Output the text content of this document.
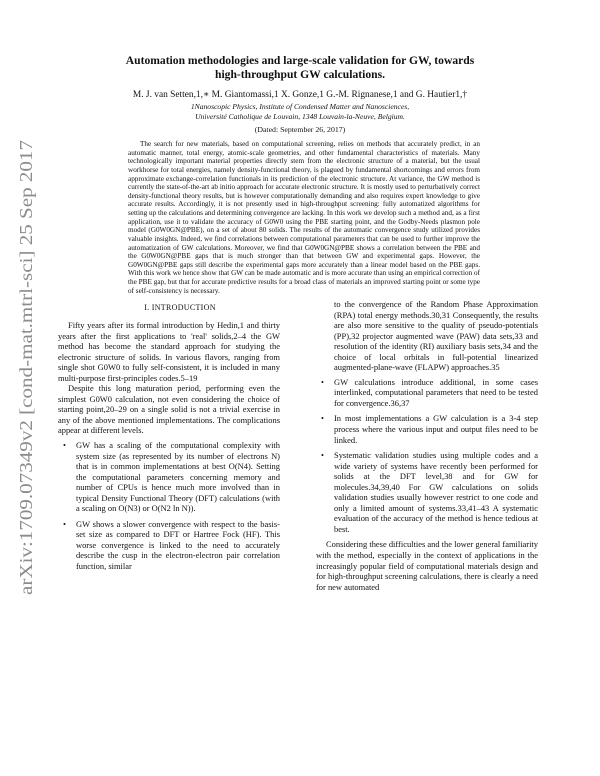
arXiv:1709.07349v2 [cond-mat.mtrl-sci] 25 Sep 2017
Automation methodologies and large-scale validation for GW, towards
high-throughput GW calculations.
M. J. van Setten,1,∗ M. Giantomassi,1 X. Gonze,1 G.-M. Rignanese,1 and G. Hautier1,†
1Nanoscopic Physics, Institute of Condensed Matter and Nanosciences,
Université Catholique de Louvain, 1348 Louvain-la-Neuve, Belgium.
(Dated: September 26, 2017)

The search for new materials, based on computational screening, relies on methods that accurately predict, in an automatic manner, total energy, atomic-scale geometries, and other fundamental characteristics of materials. Many technologically important material properties directly stem from the electronic structure of a material, but the usual workhorse for total energies, namely density-functional theory, is plagued by fundamental shortcomings and errors from approximate exchange-correlation functionals in its prediction of the electronic structure. At variance, the GW method is currently the state-of-the-art ab initio approach for accurate electronic structure. It is mostly used to perturbatively correct density-functional theory results, but is however computationally demanding and also requires expert knowledge to give accurate results. Accordingly, it is not presently used in high-throughput screening: fully automatized algorithms for setting up the calculations and determining convergence are lacking. In this work we develop such a method and, as a first application, use it to validate the accuracy of G0W0 using the PBE starting point, and the Godby-Needs plasmon pole model (G0W0GN@PBE), on a set of about 80 solids. The results of the automatic convergence study utilized provides valuable insights. Indeed, we find correlations between computational parameters that can be used to further improve the automatization of GW calculations. Moreover, we find that G0W0GN@PBE shows a correlation between the PBE and the G0W0GN@PBE gaps that is much stronger than that between GW and experimental gaps. However, the G0W0GN@PBE gaps still describe the experimental gaps more accurately than a linear model based on the PBE gaps. With this work we hence show that GW can be made automatic and is more accurate than using an empirical correction of the PBE gap, but that for accurate predictive results for a broad class of materials an improved starting point or some type of self-consistency is necessary.

I. INTRODUCTION

Fifty years after its formal introduction by Hedin,1 and thirty years after the first applications to 'real' solids,2–4 the GW method has become the standard approach for studying the electronic structure of solids. In various flavors, ranging from single shot G0W0 to fully self-consistent, it is included in many multi-purpose first-principles codes.5–19

Despite this long maturation period, performing even the simplest G0W0 calculation, not even considering the choice of starting point,20–29 on a single solid is not a trivial exercise in any of the above mentioned implementations. The complications appear at different levels.

• GW has a scaling of the computational complexity with system size (as represented by its number of electrons N) that is in common implementations at best O(N4). Setting the computational parameters concerning memory and number of CPUs is hence much more involved than in typical Density Functional Theory (DFT) calculations (with a scaling on O(N3) or O(N2 ln N)).
• GW shows a slower convergence with respect to the basis-set size as compared to DFT or Hartree Fock (HF). This worse convergence is linked to the need to accurately describe the cusp in the electron-electron pair correlation function, similar

to the convergence of the Random Phase Approximation (RPA) total energy methods.30,31 Consequently, the results are also more sensitive to the quality of pseudo-potentials (PP),32 projector augmented wave (PAW) data sets,33 and resolution of the identity (RI) auxiliary basis sets,34 and the choice of local orbitals in full-potential linearized augmented-plane-wave (FLAPW) approaches.35

• GW calculations introduce additional, in some cases interlinked, computational parameters that need to be tested for convergence.36,37
• In most implementations a GW calculation is a 3-4 step process where the various input and output files need to be linked.
• Systematic validation studies using multiple codes and a wide variety of systems have recently been performed for solids at the DFT level,38 and for GW for molecules.34,39,40 For GW calculations on solids validation studies usually however restrict to one code and only a limited amount of systems.33,41–43 A systematic evaluation of the accuracy of the method is hence tedious at best.

Considering these difficulties and the lower general familiarity with the method, especially in the context of applications in the increasingly popular field of computational materials design and for high-throughput screening calculations, there is clearly a need for new automated
